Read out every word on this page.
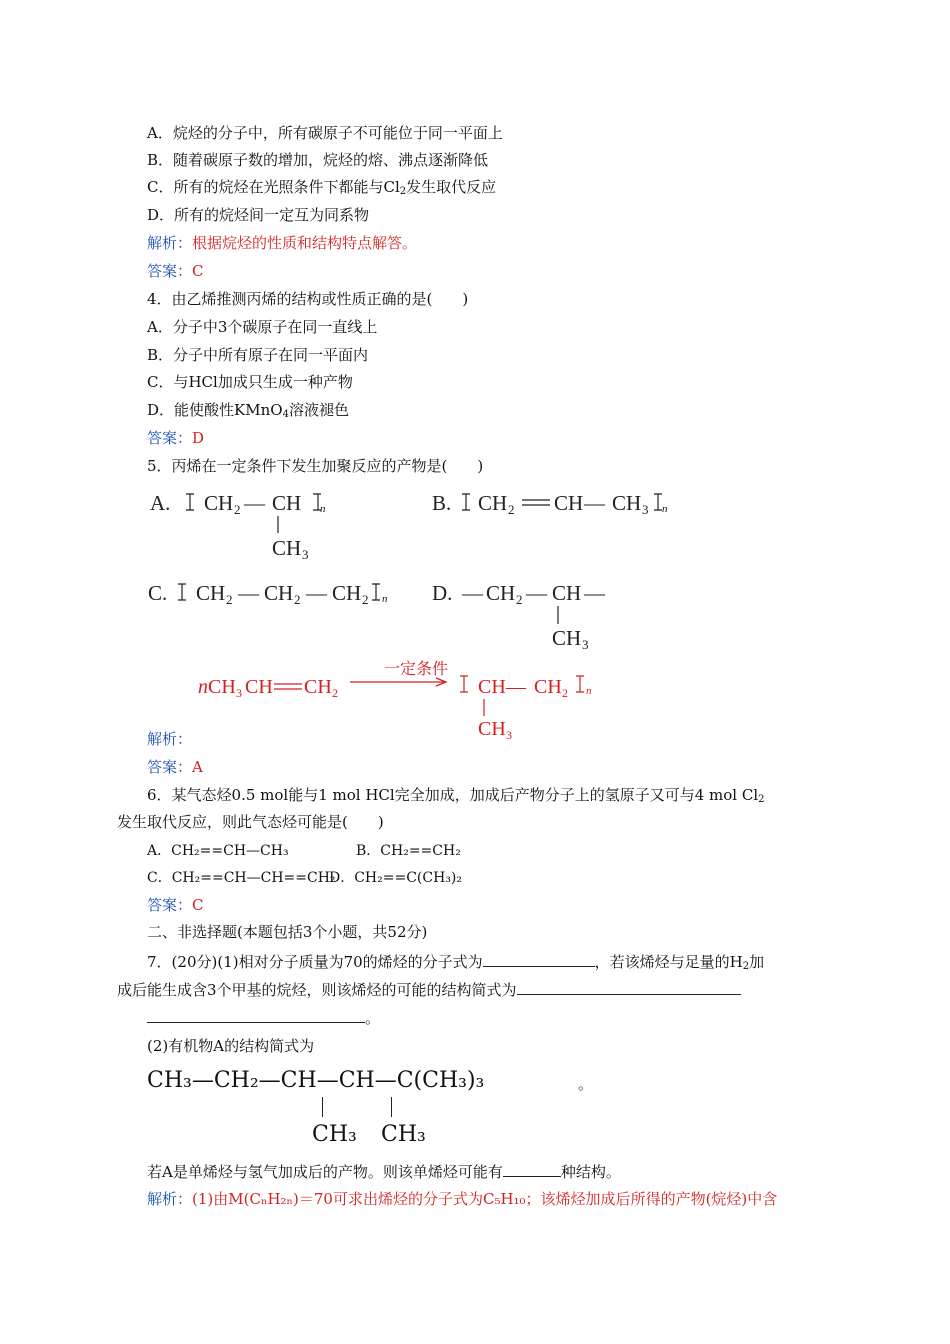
A．烷烃的分子中，所有碳原子不可能位于同一平面上
B．随着碳原子数的增加，烷烃的熔、沸点逐渐降低
C．所有的烷烃在光照条件下都能与$Cl_2$发生取代反应
D．所有的烷烃间一定互为同系物
解析：根据烷烃的性质和结构特点解答。
答案：C
4．由乙烯推测丙烯的结构或性质正确的是(　　)
A．分子中3个碳原子在同一直线上
B．分子中所有原子在同一平面内
C．与HCl加成只生成一种产物
D．能使酸性KMnO$_4$溶液褪色
答案：D
5．丙烯在一定条件下发生加聚反应的产物是(　　)
A. CH 2 — CH n
CH 3
B. CH 2 CH — CH 3 n
C. CH 2 — CH 2 — CH 2 n D. — CH 2 — CH —
CH 3
n CH 3 CH CH 2
一定条件
CH — CH 2 n
CH 3
解析：
答案：A
6．某气态烃0.5 mol能与1 mol HCl完全加成，加成后产物分子上的氢原子又可与4 mol $Cl_2$
发生取代反应，则此气态烃可能是(　　)
A．CH₂==CH—CH₃	B．CH₂==CH₂
C．CH₂==CH—CH==CH₂
D．CH₂==C(CH₃)₂
答案：C
二、非选择题(本题包括3个小题，共52分)
7．(20分)(1)相对分子质量为70的烯烃的分子式为	，若该烯烃与足量的$H_2$加
成后能生成含3个甲基的烷烃，则该烯烃的可能的结构简式为
。
(2)有机物A的结构简式为
CH₃—CH₂—CH—CH—C(CH₃)₃	。
CH₃ CH₃
若A是单烯烃与氢气加成后的产物。则该单烯烃可能有	种结构。
解析：(1)由M(CₙH₂ₙ)＝70可求出烯烃的分子式为C₅H₁₀；该烯烃加成后所得的产物(烷烃)中含
